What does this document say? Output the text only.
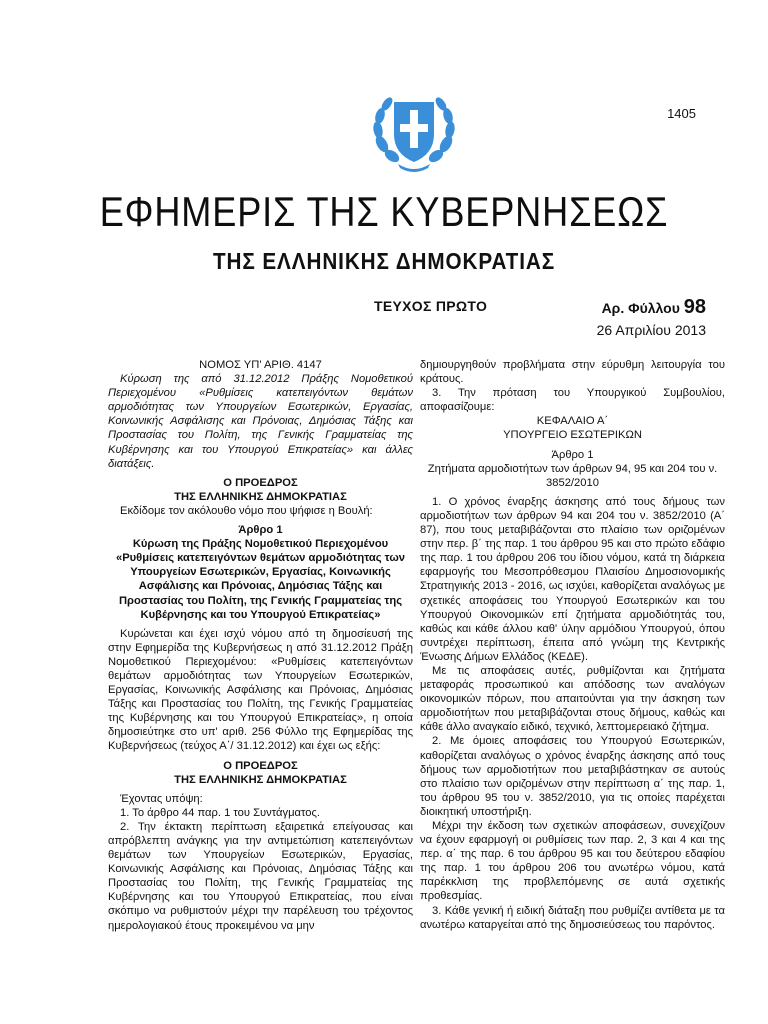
1405
ΕΦΗΜΕΡΙΣ ΤΗΣ ΚΥΒΕΡΝΗΣΕΩΣ
ΤΗΣ ΕΛΛΗΝΙΚΗΣ ΔΗΜΟΚΡΑΤΙΑΣ
ΤΕΥΧΟΣ ΠΡΩΤΟ	Αρ. Φύλλου 98
26 Απριλίου 2013

ΝΟΜΟΣ ΥΠ' ΑΡΙΘ. 4147

Κύρωση της από 31.12.2012 Πράξης Νομοθετικού Περιεχομένου «Ρυθμίσεις κατεπειγόντων θεμάτων αρμοδιότητας των Υπουργείων Εσωτερικών, Εργασίας, Κοινωνικής Ασφάλισης και Πρόνοιας, Δημόσιας Τάξης και Προστασίας του Πολίτη, της Γενικής Γραμματείας της Κυβέρνησης και του Υπουργού Επικρατείας» και άλλες διατάξεις.

Ο ΠΡΟΕΔΡΟΣ

ΤΗΣ ΕΛΛΗΝΙΚΗΣ ΔΗΜΟΚΡΑΤΙΑΣ

Εκδίδομε τον ακόλουθο νόμο που ψήφισε η Βουλή:

Άρθρο 1

Κύρωση της Πράξης Νομοθετικού Περιεχομένου «Ρυθμίσεις κατεπειγόντων θεμάτων αρμοδιότητας των Υπουργείων Εσωτερικών, Εργασίας, Κοινωνικής Ασφάλισης και Πρόνοιας, Δημόσιας Τάξης και Προστασίας του Πολίτη, της Γενικής Γραμματείας της Κυβέρνησης και του Υπουργού Επικρατείας»

Κυρώνεται και έχει ισχύ νόμου από τη δημοσίευσή της στην Εφημερίδα της Κυβερνήσεως η από 31.12.2012 Πράξη Νομοθετικού Περιεχομένου: «Ρυθμίσεις κατεπειγόντων θεμάτων αρμοδιότητας των Υπουργείων Εσωτερικών, Εργασίας, Κοινωνικής Ασφάλισης και Πρόνοιας, Δημόσιας Τάξης και Προστασίας του Πολίτη, της Γενικής Γραμματείας της Κυβέρνησης και του Υπουργού Επικρατείας», η οποία δημοσιεύτηκε στο υπ' αριθ. 256 Φύλλο της Εφημερίδας της Κυβερνήσεως (τεύχος Α΄/ 31.12.2012) και έχει ως εξής:

Ο ΠΡΟΕΔΡΟΣ

ΤΗΣ ΕΛΛΗΝΙΚΗΣ ΔΗΜΟΚΡΑΤΙΑΣ

Έχοντας υπόψη:

1. Το άρθρο 44 παρ. 1 του Συντάγματος.

2. Την έκτακτη περίπτωση εξαιρετικά επείγουσας και απρόβλεπτη ανάγκης για την αντιμετώπιση κατεπειγόντων θεμάτων των Υπουργείων Εσωτερικών, Εργασίας, Κοινωνικής Ασφάλισης και Πρόνοιας, Δημόσιας Τάξης και Προστασίας του Πολίτη, της Γενικής Γραμματείας της Κυβέρνησης και του Υπουργού Επικρατείας, που είναι σκόπιμο να ρυθμιστούν μέχρι την παρέλευση του τρέχοντος ημερολογιακού έτους προκειμένου να μην

δημιουργηθούν προβλήματα στην εύρυθμη λειτουργία του κράτους.

3. Την πρόταση του Υπουργικού Συμβουλίου, αποφασίζουμε:

ΚΕΦΑΛΑΙΟ Α΄

ΥΠΟΥΡΓΕΙΟ ΕΣΩΤΕΡΙΚΩΝ

Άρθρο 1

Ζητήματα αρμοδιοτήτων των άρθρων 94, 95 και 204 του ν. 3852/2010

1. Ο χρόνος έναρξης άσκησης από τους δήμους των αρμοδιοτήτων των άρθρων 94 και 204 του ν. 3852/2010 (Α΄ 87), που τους μεταβιβάζονται στο πλαίσιο των οριζομένων στην περ. β΄ της παρ. 1 του άρθρου 95 και στο πρώτο εδάφιο της παρ. 1 του άρθρου 206 του ίδιου νόμου, κατά τη διάρκεια εφαρμογής του Μεσοπρόθεσμου Πλαισίου Δημοσιονομικής Στρατηγικής 2013 - 2016, ως ισχύει, καθορίζεται αναλόγως με σχετικές αποφάσεις του Υπουργού Εσωτερικών και του Υπουργού Οικονομικών επί ζητήματα αρμοδιότητάς του, καθώς και κάθε άλλου καθ' ύλην αρμόδιου Υπουργού, όπου συντρέχει περίπτωση, έπειτα από γνώμη της Κεντρικής Ένωσης Δήμων Ελλάδος (ΚΕΔΕ).

Με τις αποφάσεις αυτές, ρυθμίζονται και ζητήματα μεταφοράς προσωπικού και απόδοσης των αναλόγων οικονομικών πόρων, που απαιτούνται για την άσκηση των αρμοδιοτήτων που μεταβιβάζονται στους δήμους, καθώς και κάθε άλλο αναγκαίο ειδικό, τεχνικό, λεπτομερειακό ζήτημα.

2. Με όμοιες αποφάσεις του Υπουργού Εσωτερικών, καθορίζεται αναλόγως ο χρόνος έναρξης άσκησης από τους δήμους των αρμοδιοτήτων που μεταβιβάστηκαν σε αυτούς στο πλαίσιο των οριζομένων στην περίπτωση α΄ της παρ. 1, του άρθρου 95 του ν. 3852/2010, για τις οποίες παρέχεται διοικητική υποστήριξη.

Μέχρι την έκδοση των σχετικών αποφάσεων, συνεχίζουν να έχουν εφαρμογή οι ρυθμίσεις των παρ. 2, 3 και 4 και της περ. α΄ της παρ. 6 του άρθρου 95 και του δεύτερου εδαφίου της παρ. 1 του άρθρου 206 του ανωτέρω νόμου, κατά παρέκκλιση της προβλεπόμενης σε αυτά σχετικής προθεσμίας.

3. Κάθε γενική ή ειδική διάταξη που ρυθμίζει αντίθετα με τα ανωτέρω καταργείται από της δημοσιεύσεως του παρόντος.
